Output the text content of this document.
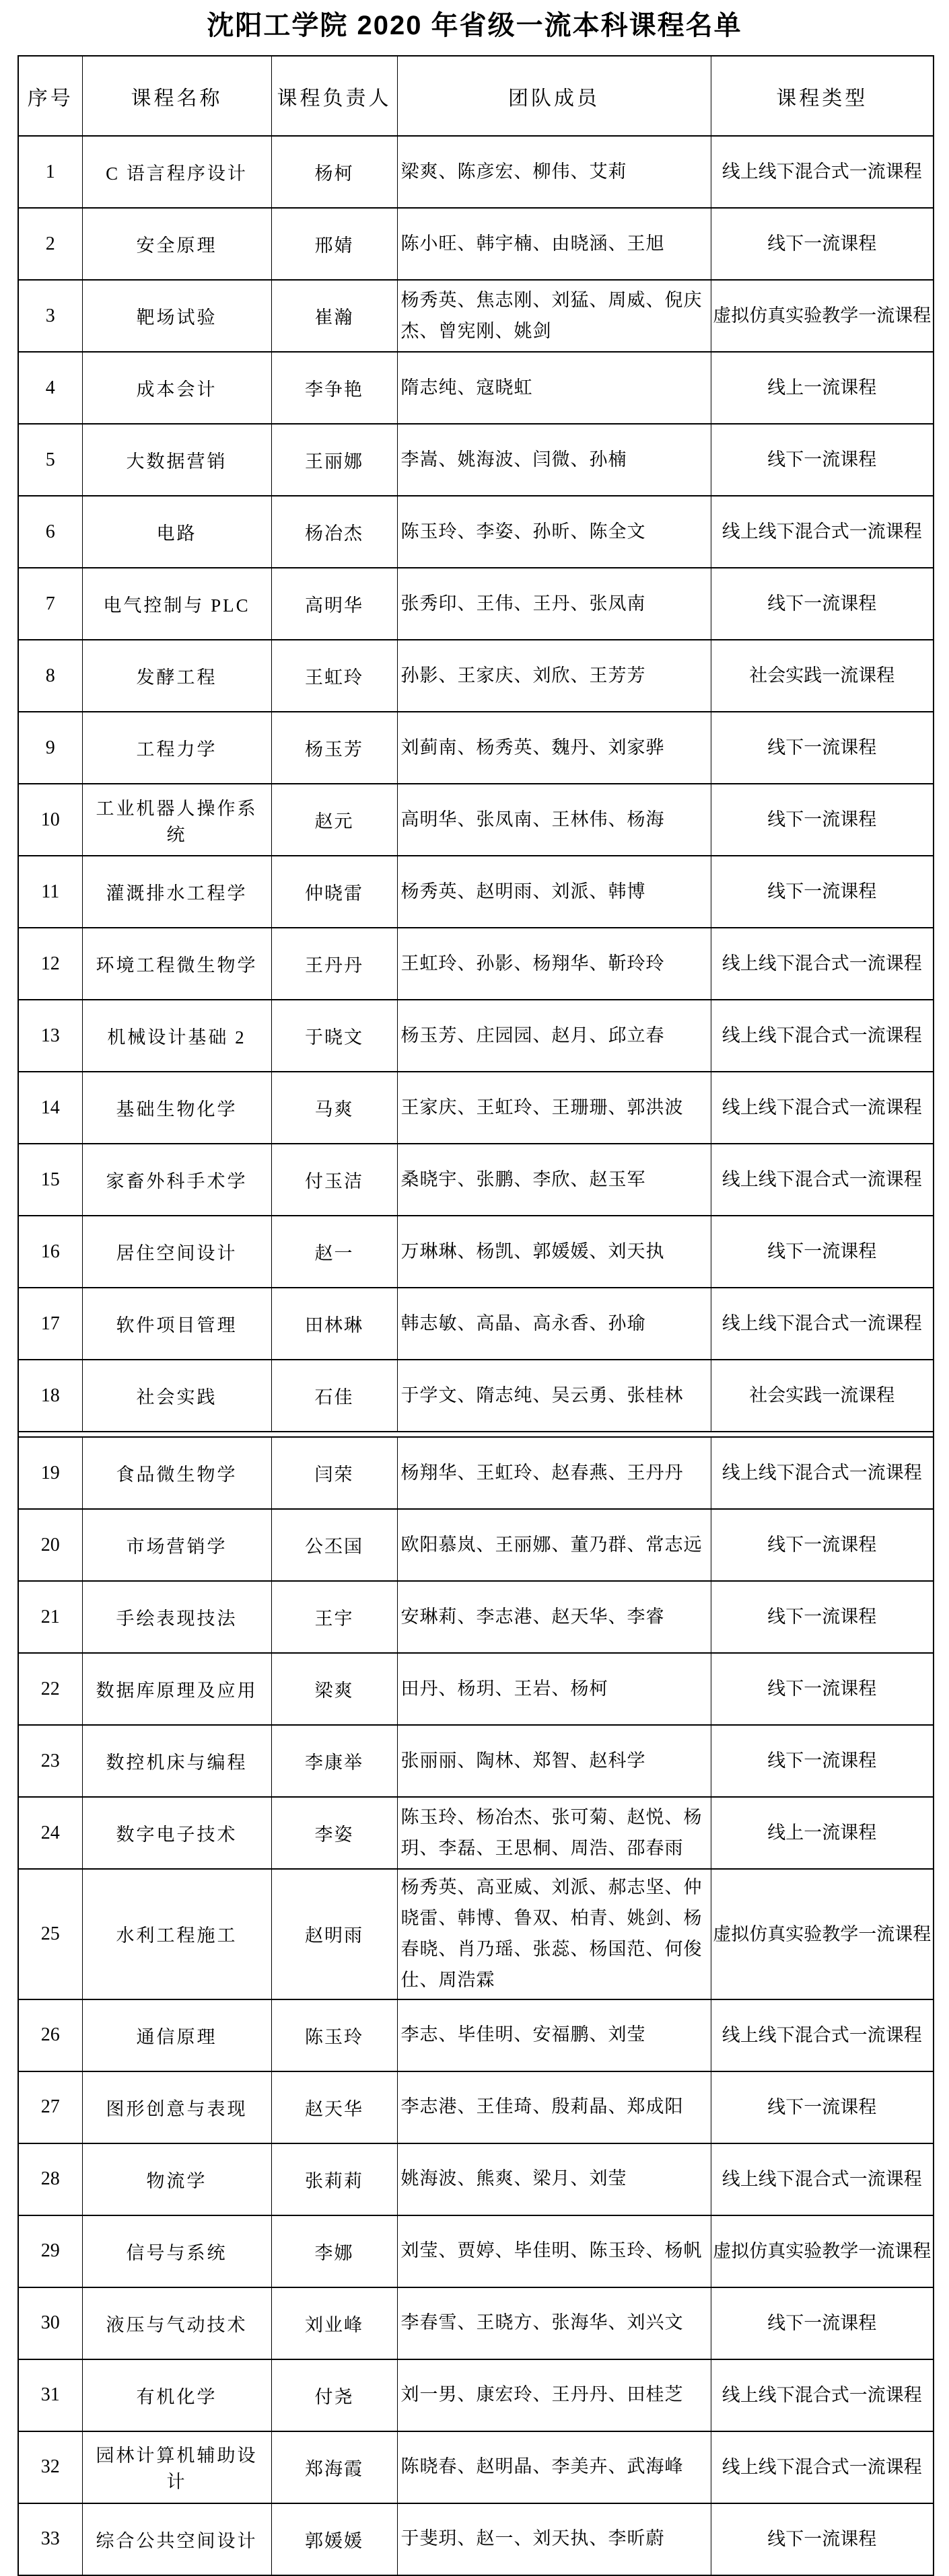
沈阳工学院 2020 年省级一流本科课程名单
序号	课程名称	课程负责人	团队成员	课程类型
1	C 语言程序设计	杨柯	梁爽、陈彦宏、柳伟、艾莉	线上线下混合式一流课程
2	安全原理	邢婧	陈小旺、韩宇楠、由晓涵、王旭	线下一流课程
3	靶场试验	崔瀚	杨秀英、焦志刚、刘猛、周威、倪庆杰、曾宪刚、姚剑	虚拟仿真实验教学一流课程
4	成本会计	李争艳	隋志纯、寇晓虹	线上一流课程
5	大数据营销	王丽娜	李嵩、姚海波、闫微、孙楠	线下一流课程
6	电路	杨冶杰	陈玉玲、李姿、孙昕、陈全文	线上线下混合式一流课程
7	电气控制与 PLC	高明华	张秀印、王伟、王丹、张凤南	线下一流课程
8	发酵工程	王虹玲	孙影、王家庆、刘欣、王芳芳	社会实践一流课程
9	工程力学	杨玉芳	刘蓟南、杨秀英、魏丹、刘家骅	线下一流课程
10	工业机器人操作系统	赵元	高明华、张凤南、王林伟、杨海	线下一流课程
11	灌溉排水工程学	仲晓雷	杨秀英、赵明雨、刘派、韩博	线下一流课程
12	环境工程微生物学	王丹丹	王虹玲、孙影、杨翔华、靳玲玲	线上线下混合式一流课程
13	机械设计基础 2	于晓文	杨玉芳、庄园园、赵月、邱立春	线上线下混合式一流课程
14	基础生物化学	马爽	王家庆、王虹玲、王珊珊、郭洪波	线上线下混合式一流课程
15	家畜外科手术学	付玉洁	桑晓宇、张鹏、李欣、赵玉军	线上线下混合式一流课程
16	居住空间设计	赵一	万琳琳、杨凯、郭媛媛、刘天执	线下一流课程
17	软件项目管理	田林琳	韩志敏、高晶、高永香、孙瑜	线上线下混合式一流课程
18	社会实践	石佳	于学文、隋志纯、吴云勇、张桂林	社会实践一流课程

19	食品微生物学	闫荣	杨翔华、王虹玲、赵春燕、王丹丹	线上线下混合式一流课程
20	市场营销学	公丕国	欧阳慕岚、王丽娜、董乃群、常志远	线下一流课程
21	手绘表现技法	王宇	安琳莉、李志港、赵天华、李睿	线下一流课程
22	数据库原理及应用	梁爽	田丹、杨玥、王岩、杨柯	线下一流课程
23	数控机床与编程	李康举	张丽丽、陶林、郑智、赵科学	线下一流课程
24	数字电子技术	李姿	陈玉玲、杨冶杰、张可菊、赵悦、杨玥、李磊、王思桐、周浩、邵春雨	线上一流课程
25	水利工程施工	赵明雨	杨秀英、高亚威、刘派、郝志坚、仲晓雷、韩博、鲁双、柏青、姚剑、杨春晓、肖乃瑶、张蕊、杨国范、何俊仕、周浩霖	虚拟仿真实验教学一流课程
26	通信原理	陈玉玲	李志、毕佳明、安福鹏、刘莹	线上线下混合式一流课程
27	图形创意与表现	赵天华	李志港、王佳琦、殷莉晶、郑成阳	线下一流课程
28	物流学	张莉莉	姚海波、熊爽、梁月、刘莹	线上线下混合式一流课程
29	信号与系统	李娜	刘莹、贾婷、毕佳明、陈玉玲、杨帆	虚拟仿真实验教学一流课程
30	液压与气动技术	刘业峰	李春雪、王晓方、张海华、刘兴文	线下一流课程
31	有机化学	付尧	刘一男、康宏玲、王丹丹、田桂芝	线上线下混合式一流课程
32	园林计算机辅助设计	郑海霞	陈晓春、赵明晶、李美卉、武海峰	线上线下混合式一流课程
33	综合公共空间设计	郭媛媛	于斐玥、赵一、刘天执、李昕蔚	线下一流课程
